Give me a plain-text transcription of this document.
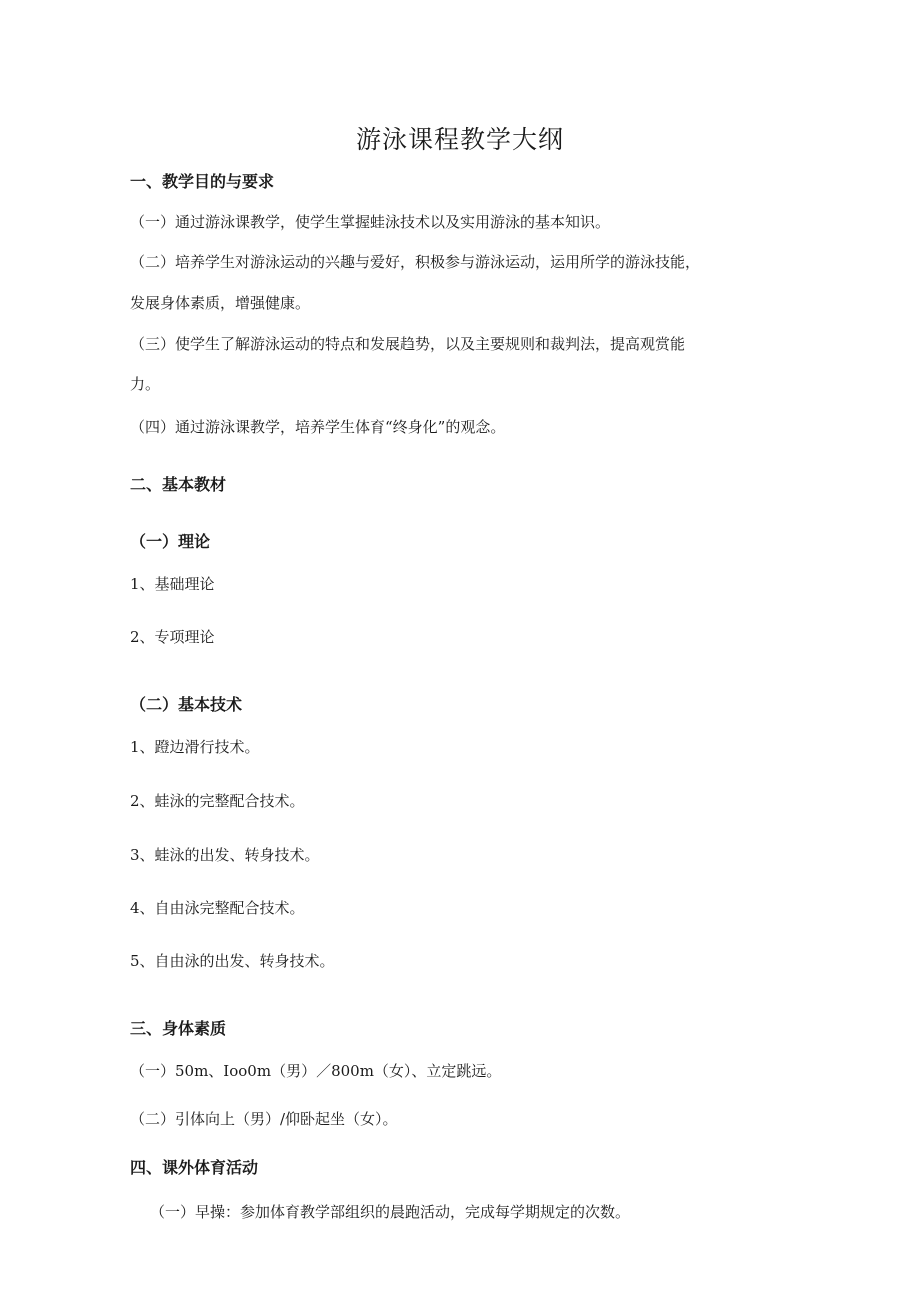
游泳课程教学大纲
一、教学目的与要求
（一）通过游泳课教学，使学生掌握蛙泳技术以及实用游泳的基本知识。
（二）培养学生对游泳运动的兴趣与爱好，积极参与游泳运动，运用所学的游泳技能，
发展身体素质，增强健康。
（三）使学生了解游泳运动的特点和发展趋势，以及主要规则和裁判法，提高观赏能
力。
（四）通过游泳课教学，培养学生体育“终身化”的观念。
二、基本教材
（一）理论
1、基础理论
2、专项理论
（二）基本技术
1、蹬边滑行技术。
2、蛙泳的完整配合技术。
3、蛙泳的出发、转身技术。
4、自由泳完整配合技术。
5、自由泳的出发、转身技术。
三、身体素质
（一）50m、Ioo0m（男）／800m（女）、立定跳远。
（二）引体向上（男）/仰卧起坐（女）。
四、课外体育活动
（一）早操：参加体育教学部组织的晨跑活动，完成每学期规定的次数。
